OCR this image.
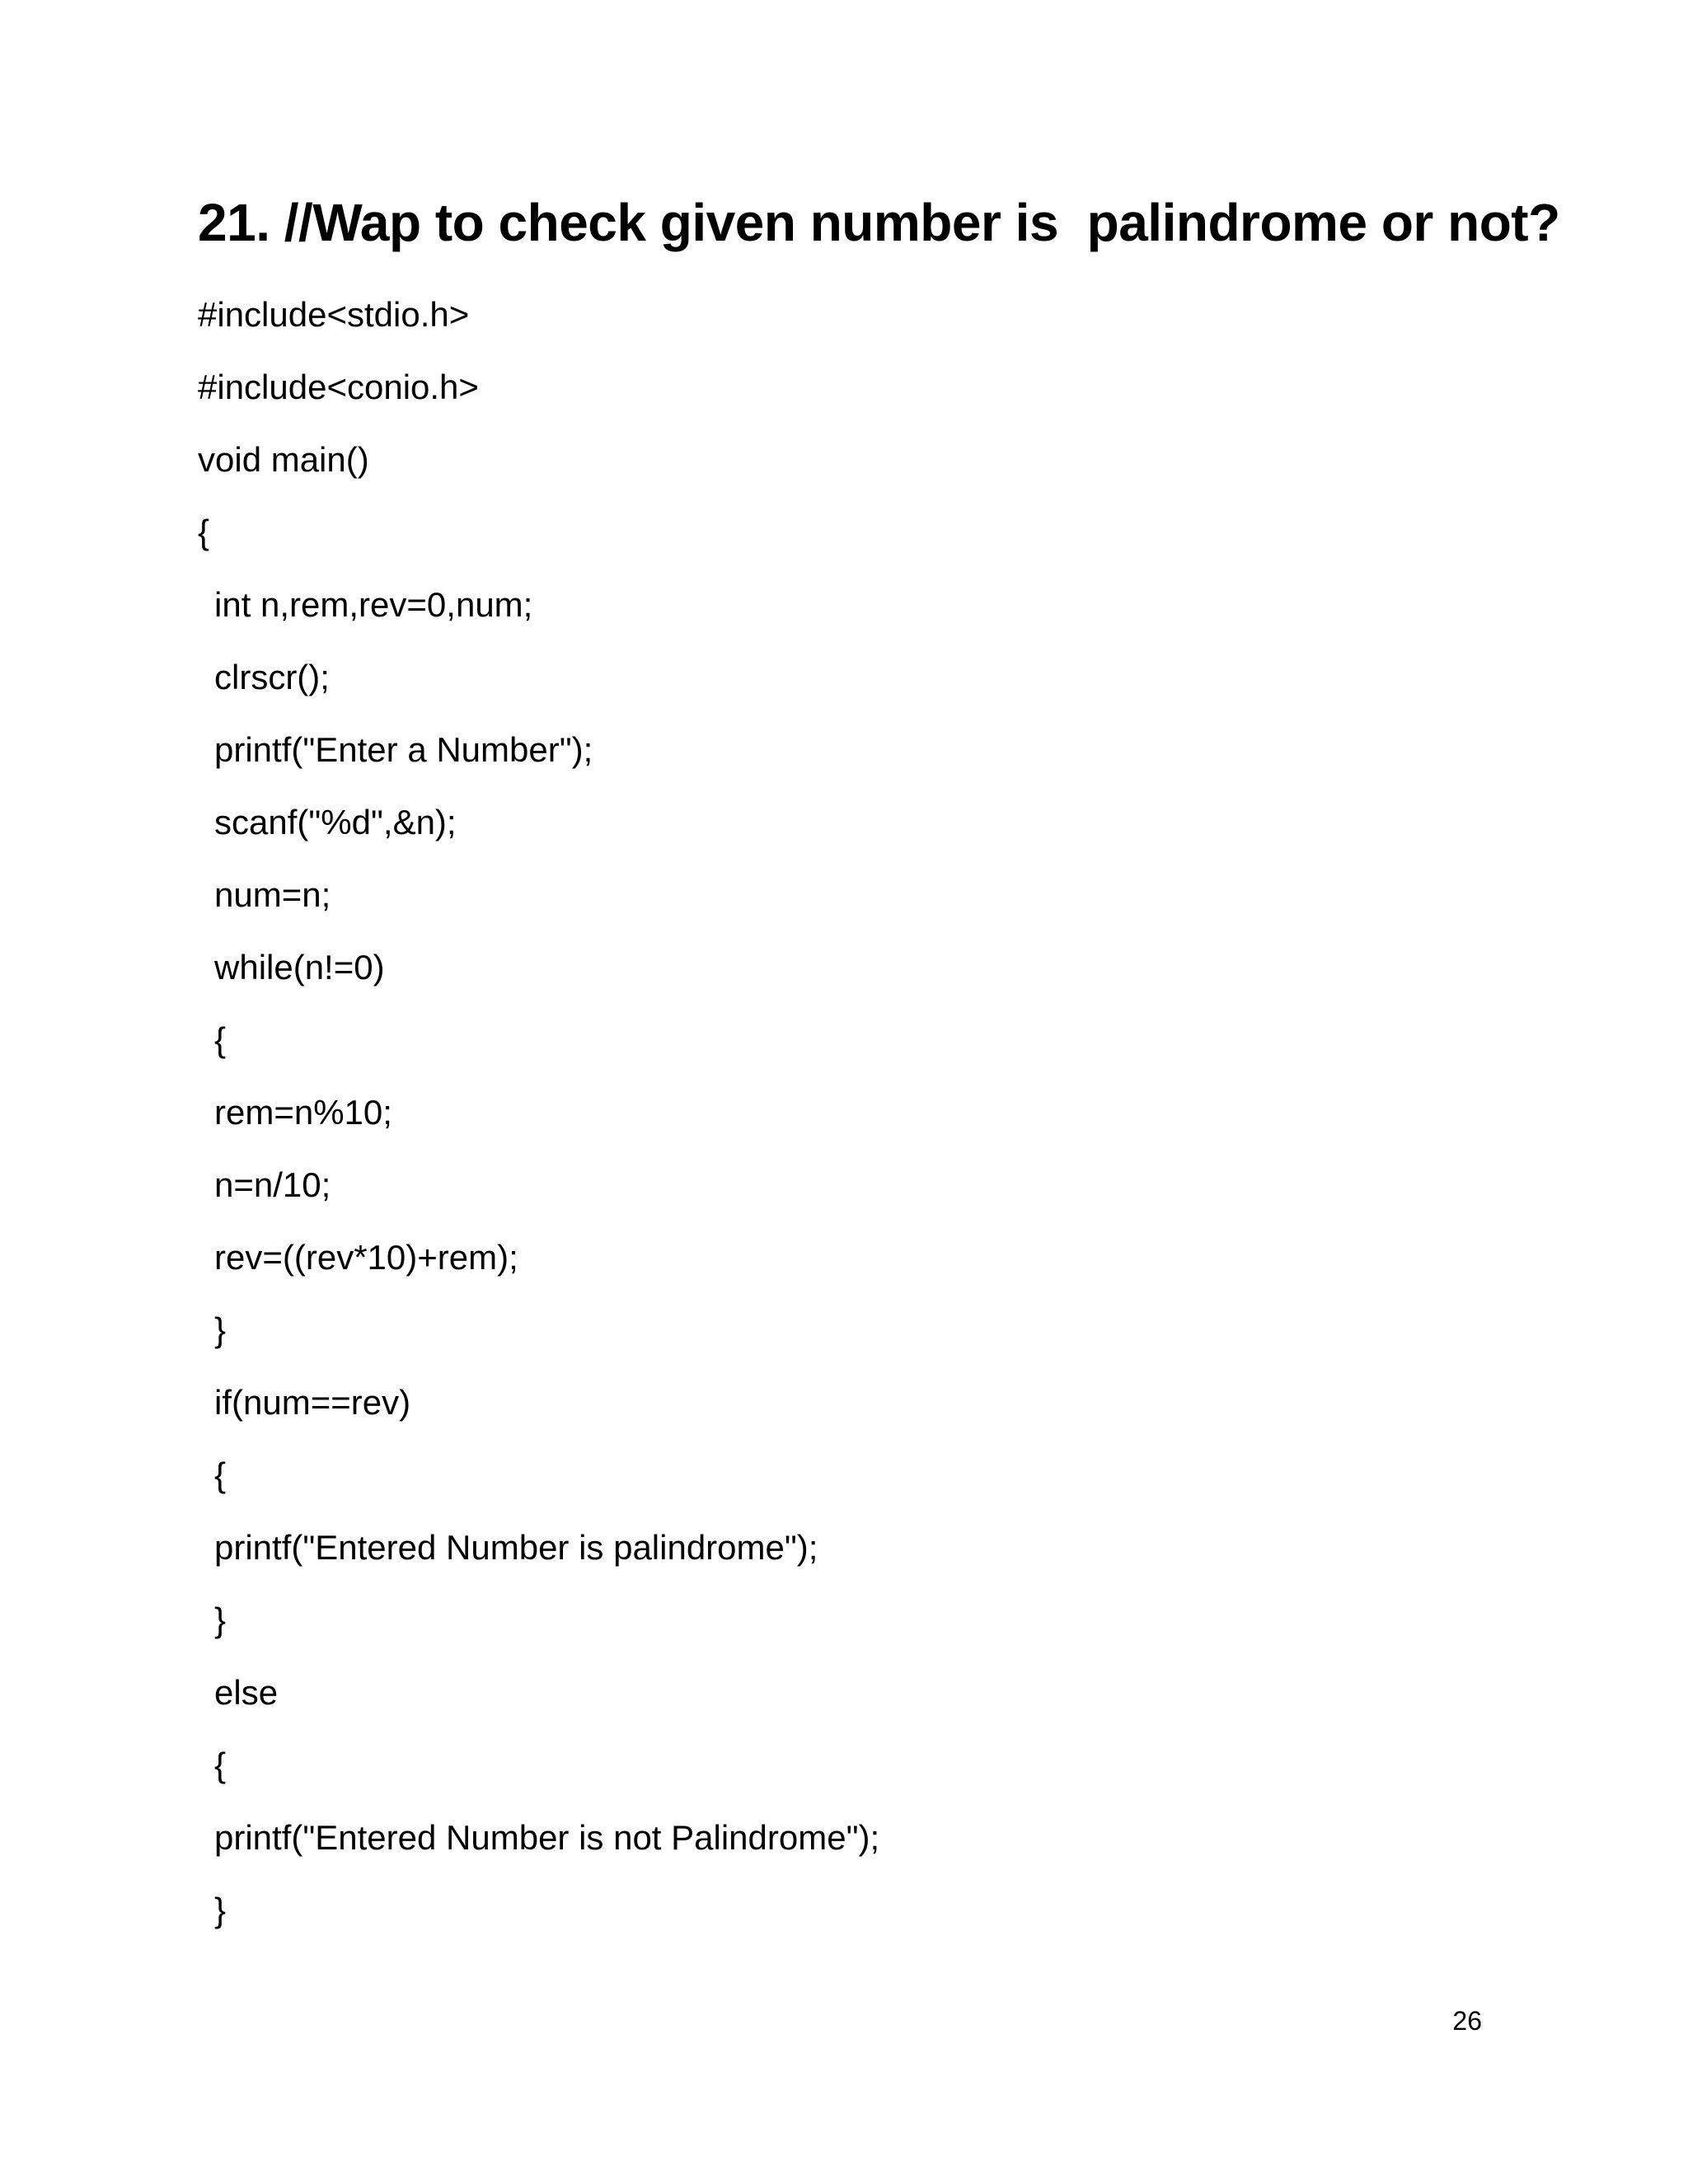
21. //Wap to check given number is  palindrome or not?
#include<stdio.h>
#include<conio.h>
void main()
{
int n,rem,rev=0,num;
clrscr();
printf("Enter a Number");
scanf("%d",&n);
num=n;
while(n!=0)
{
rem=n%10;
n=n/10;
rev=((rev*10)+rem);
}
if(num==rev)
{
printf("Entered Number is palindrome");
}
else
{
printf("Entered Number is not Palindrome");
}
26
